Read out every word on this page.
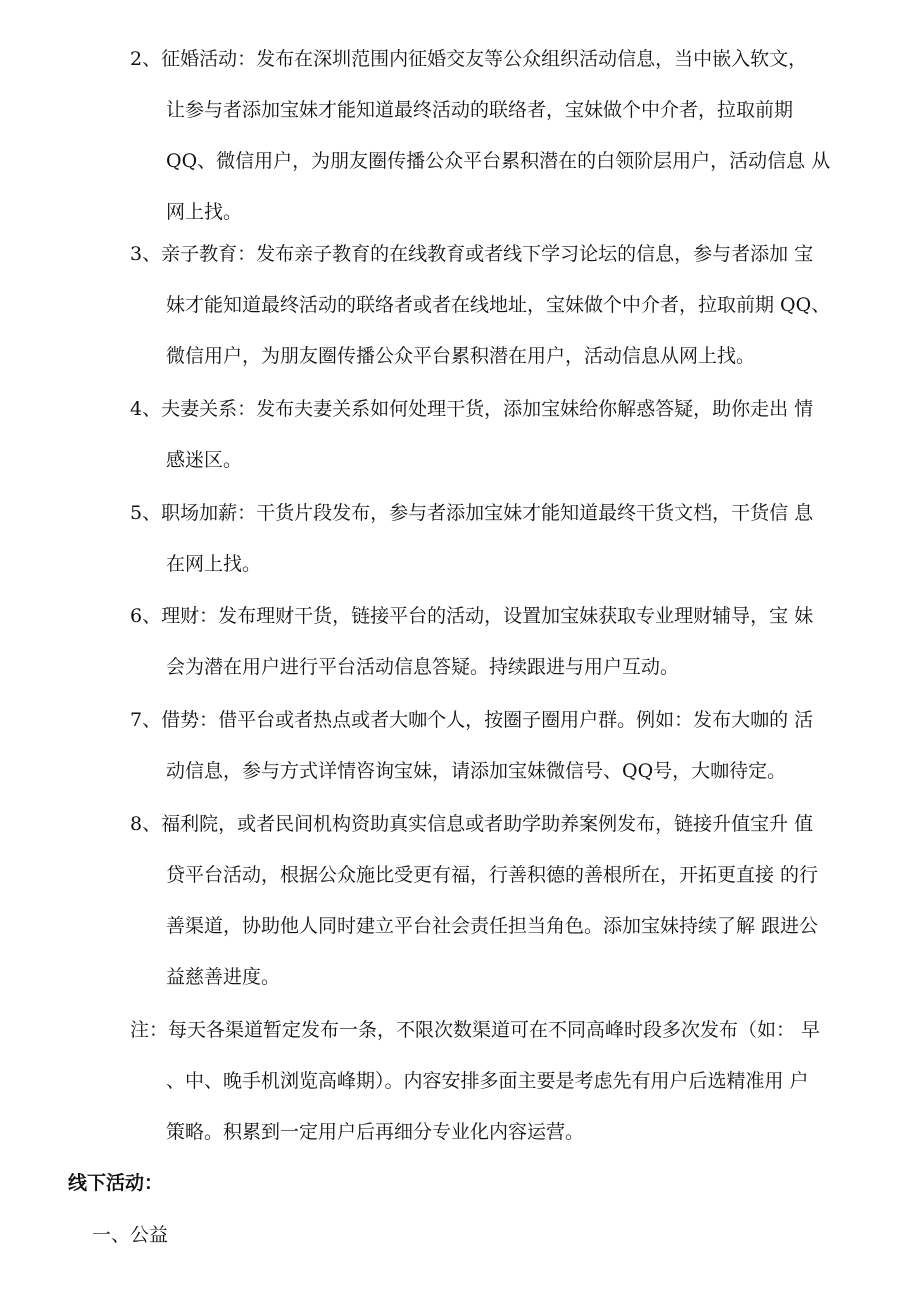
2、征婚活动：发布在深圳范围内征婚交友等公众组织活动信息，当中嵌入软文，
让参与者添加宝妹才能知道最终活动的联络者，宝妹做个中介者，拉取前期
QQ、微信用户，为朋友圈传播公众平台累积潜在的白领阶层用户，活动信息 从
网上找。
3、亲子教育：发布亲子教育的在线教育或者线下学习论坛的信息，参与者添加 宝
妹才能知道最终活动的联络者或者在线地址，宝妹做个中介者，拉取前期 QQ、
微信用户，为朋友圈传播公众平台累积潜在用户，活动信息从网上找。
4、夫妻关系：发布夫妻关系如何处理干货，添加宝妹给你解惑答疑，助你走出 情
感迷区。
5、职场加薪：干货片段发布，参与者添加宝妹才能知道最终干货文档，干货信 息
在网上找。
6、理财：发布理财干货，链接平台的活动，设置加宝妹获取专业理财辅导，宝 妹
会为潜在用户进行平台活动信息答疑。持续跟进与用户互动。
7、借势：借平台或者热点或者大咖个人，按圈子圈用户群。例如：发布大咖的 活
动信息，参与方式详情咨询宝妹，请添加宝妹微信号、QQ号，大咖待定。
8、福利院，或者民间机构资助真实信息或者助学助养案例发布，链接升值宝升 值
贷平台活动，根据公众施比受更有福，行善积德的善根所在，开拓更直接 的行
善渠道，协助他人同时建立平台社会责任担当角色。添加宝妹持续了解 跟进公
益慈善进度。
注：每天各渠道暂定发布一条，不限次数渠道可在不同高峰时段多次发布（如： 早
、中、晚手机浏览高峰期）。内容安排多面主要是考虑先有用户后选精准用 户
策略。积累到一定用户后再细分专业化内容运营。
线下活动：
一、公益
